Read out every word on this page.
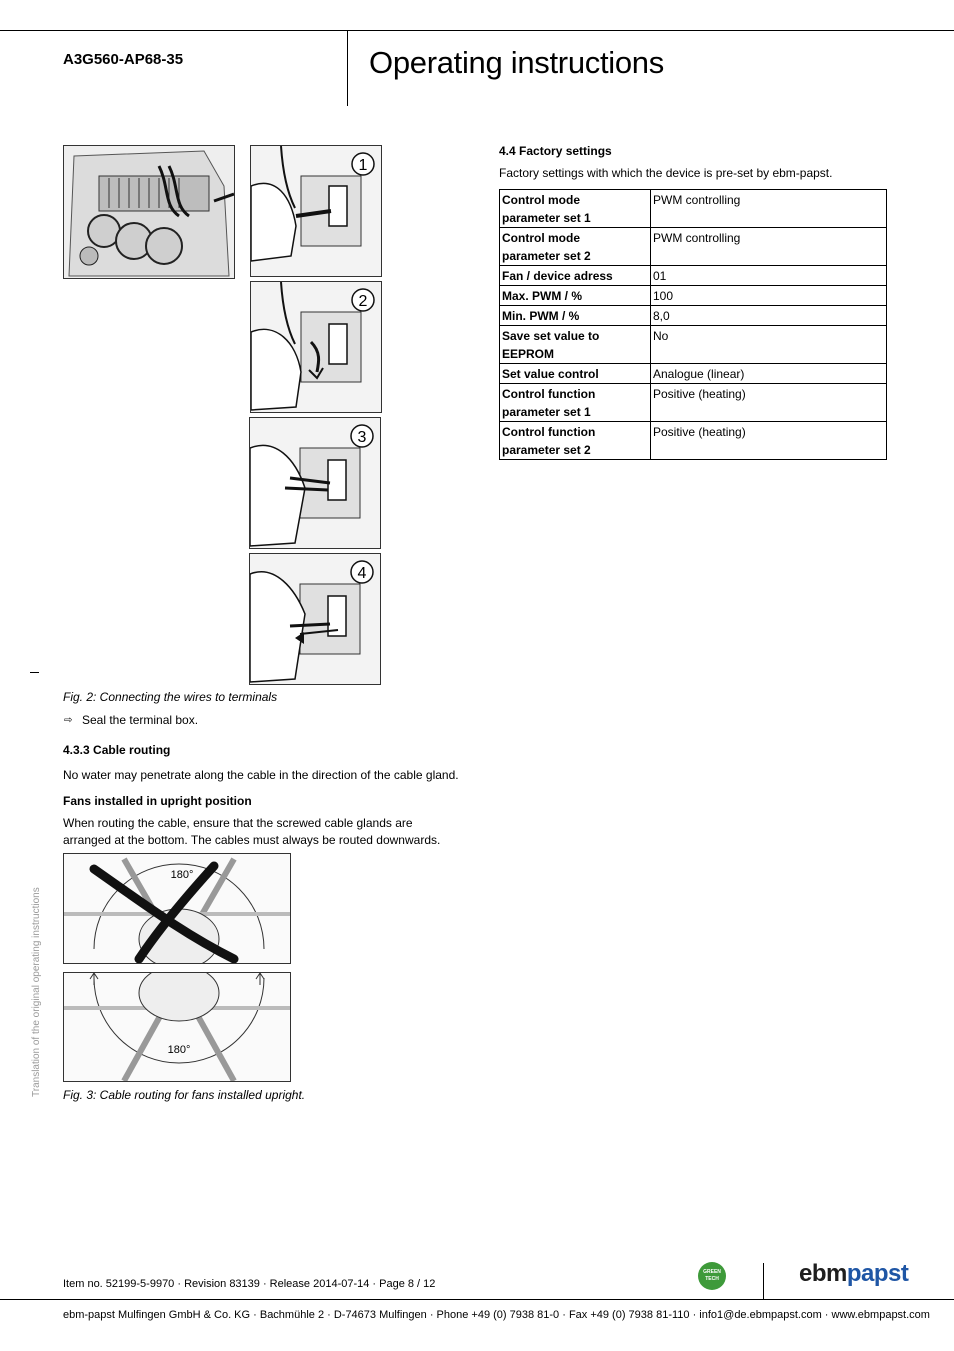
A3G560-AP68-35	Operating instructions
1
2
3
4
Fig. 2: Connecting the wires to terminals
⇨ Seal the terminal box.
4.3.3 Cable routing
No water may penetrate along the cable in the direction of the cable gland.
Fans installed in upright position
When routing the cable, ensure that the screwed cable glands are
arranged at the bottom. The cables must always be routed downwards.
180°
180°
Fig. 3: Cable routing for fans installed upright.
Translation of the original operating instructions
4.4 Factory settings
Factory settings with which the device is pre-set by ebm-papst.
Control mode
parameter set 1	PWM controlling
Control mode
parameter set 2	PWM controlling
Fan / device adress	01
Max. PWM / %	100
Min. PWM / %	8,0
Save set value to
EEPROM	No
Set value control	Analogue (linear)
Control function
parameter set 1	Positive (heating)
Control function
parameter set 2	Positive (heating)
Item no. 52199-5-9970 · Revision 83139 · Release 2014-07-14 · Page 8 / 12
GREEN TECH	ebmpapst
ebm-papst Mulfingen GmbH & Co. KG · Bachmühle 2 · D-74673 Mulfingen · Phone +49 (0) 7938 81-0 · Fax +49 (0) 7938 81-110 · info1@de.ebmpapst.com · www.ebmpapst.com
